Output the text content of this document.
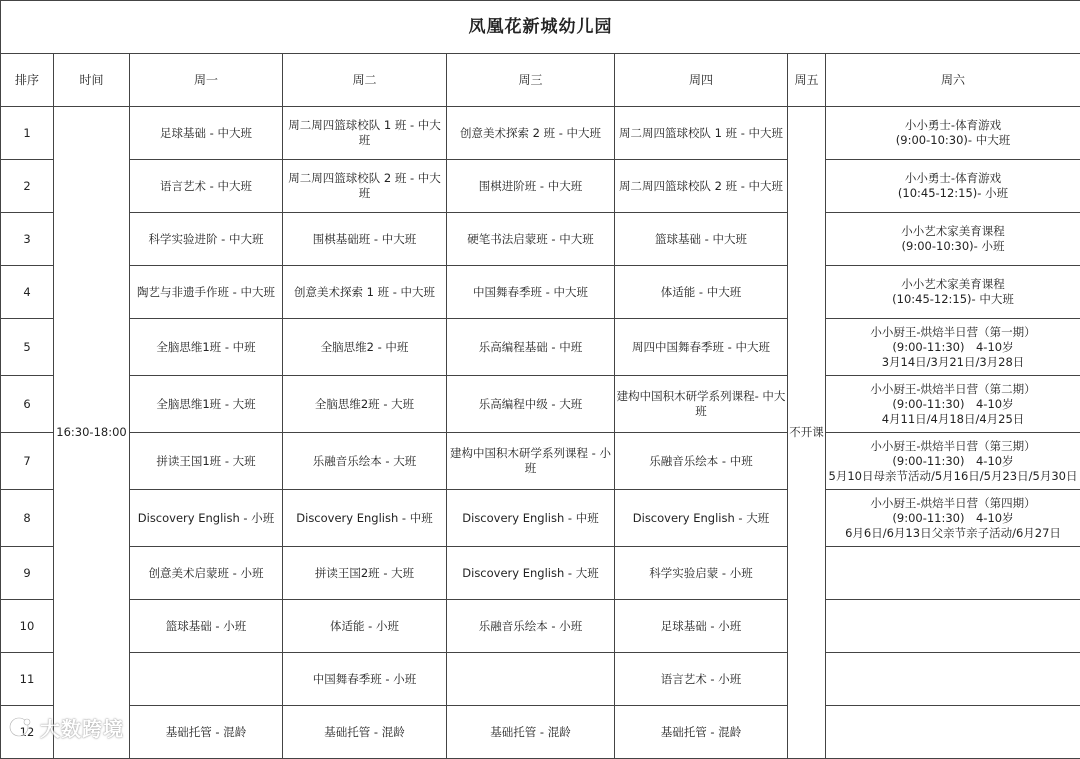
凤凰花新城幼儿园							
排序	时间	周一	周二	周三	周四	周五	周六
1	16:30-18:00	足球基础 - 中大班	周二周四篮球校队 1 班 - 中大班	创意美术探索 2 班 - 中大班	周二周四篮球校队 1 班 - 中大班	不开课	小小勇士-体育游戏
(9:00-10:30)- 中大班
2		语言艺术 - 中大班	周二周四篮球校队 2 班 - 中大班	围棋进阶班 - 中大班	周二周四篮球校队 2 班 - 中大班		小小勇士-体育游戏
(10:45-12:15)- 小班
3		科学实验进阶 - 中大班	围棋基础班 - 中大班	硬笔书法启蒙班 - 中大班	篮球基础 - 中大班		小小艺术家美育课程
(9:00-10:30)- 小班
4		陶艺与非遗手作班 - 中大班	创意美术探索 1 班 - 中大班	中国舞春季班 - 中大班	体适能 - 中大班		小小艺术家美育课程
(10:45-12:15)- 中大班
5		全脑思维1班 - 中班	全脑思维2 - 中班	乐高编程基础 - 中班	周四中国舞春季班 - 中大班		小小厨王-烘焙半日营（第一期）
(9:00-11:30)　4-10岁
3月14日/3月21日/3月28日
6		全脑思维1班 - 大班	全脑思维2班 - 大班	乐高编程中级 - 大班	建构中国积木研学系列课程- 中大班		小小厨王-烘焙半日营（第二期）
(9:00-11:30)　4-10岁
4月11日/4月18日/4月25日
7		拼读王国1班 - 大班	乐融音乐绘本 - 大班	建构中国积木研学系列课程 - 小班	乐融音乐绘本 - 中班		小小厨王-烘焙半日营（第三期）
(9:00-11:30)　4-10岁
5月10日母亲节活动/5月16日/5月23日/5月30日
8		Discovery English - 小班	Discovery English - 中班	Discovery English - 中班	Discovery English - 大班		小小厨王-烘焙半日营（第四期）
(9:00-11:30)　4-10岁
6月6日/6月13日父亲节亲子活动/6月27日
9		创意美术启蒙班 - 小班	拼读王国2班 - 大班	Discovery English - 大班	科学实验启蒙 - 小班		
10		篮球基础 - 小班	体适能 - 小班	乐融音乐绘本 - 小班	足球基础 - 小班		
11			中国舞春季班 - 小班		语言艺术 - 小班		
12		基础托管 - 混龄	基础托管 - 混龄	基础托管 - 混龄	基础托管 - 混龄		
大数跨境
